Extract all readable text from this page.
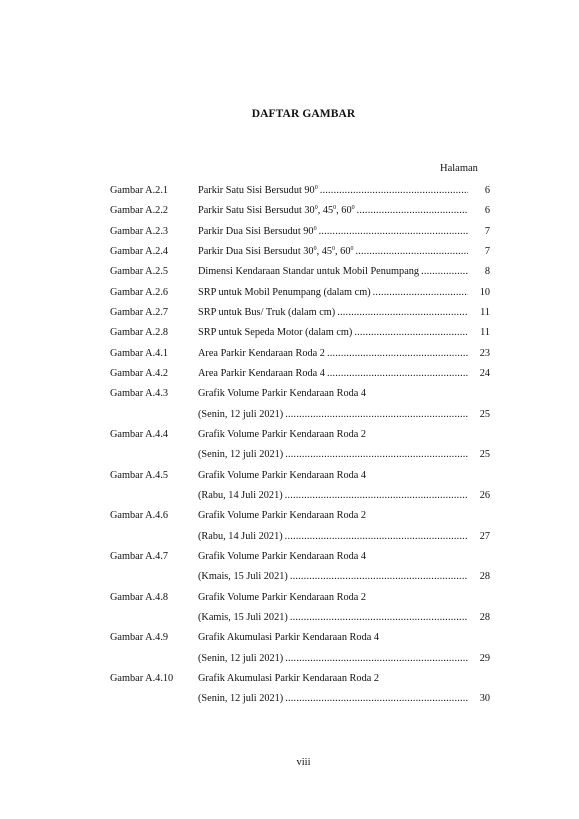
DAFTAR GAMBAR
Halaman
Gambar A.2.1	Parkir Satu Sisi Bersudut $90^0$ .....	6
Gambar A.2.2	Parkir Satu Sisi Bersudut $30^0$, $45^0$, $60^0$ .....	6
Gambar A.2.3	Parkir Dua Sisi Bersudut $90^0$ .....	7
Gambar A.2.4	Parkir Dua Sisi Bersudut $30^0$, $45^0$, $60^0$ .....	7
Gambar A.2.5	Dimensi Kendaraan Standar untuk Mobil Penumpang .....	8
Gambar A.2.6	SRP untuk Mobil Penumpang (dalam cm) .....	10
Gambar A.2.7	SRP untuk Bus/ Truk (dalam cm) .....	11
Gambar A.2.8	SRP untuk Sepeda Motor (dalam cm) .....	11
Gambar A.4.1	Area Parkir Kendaraan Roda 2 .....	23
Gambar A.4.2	Area Parkir Kendaraan Roda 4 .....	24
Gambar A.4.3	Grafik Volume Parkir Kendaraan Roda 4
(Senin, 12 juli 2021) .....	25
Gambar A.4.4	Grafik Volume Parkir Kendaraan Roda 2
(Senin, 12 juli 2021) .....	25
Gambar A.4.5	Grafik Volume Parkir Kendaraan Roda 4
(Rabu, 14 Juli 2021) .....	26
Gambar A.4.6	Grafik Volume Parkir Kendaraan Roda 2
(Rabu, 14 Juli 2021) .....	27
Gambar A.4.7	Grafik Volume Parkir Kendaraan Roda 4
(Kmais, 15 Juli 2021) .....	28
Gambar A.4.8	Grafik Volume Parkir Kendaraan Roda 2
(Kamis, 15 Juli 2021) .....	28
Gambar A.4.9	Grafik Akumulasi Parkir Kendaraan Roda 4
(Senin, 12 juli 2021) .....	29
Gambar A.4.10 Grafik Akumulasi Parkir Kendaraan Roda 2
(Senin, 12 juli 2021) .....	30
viii
